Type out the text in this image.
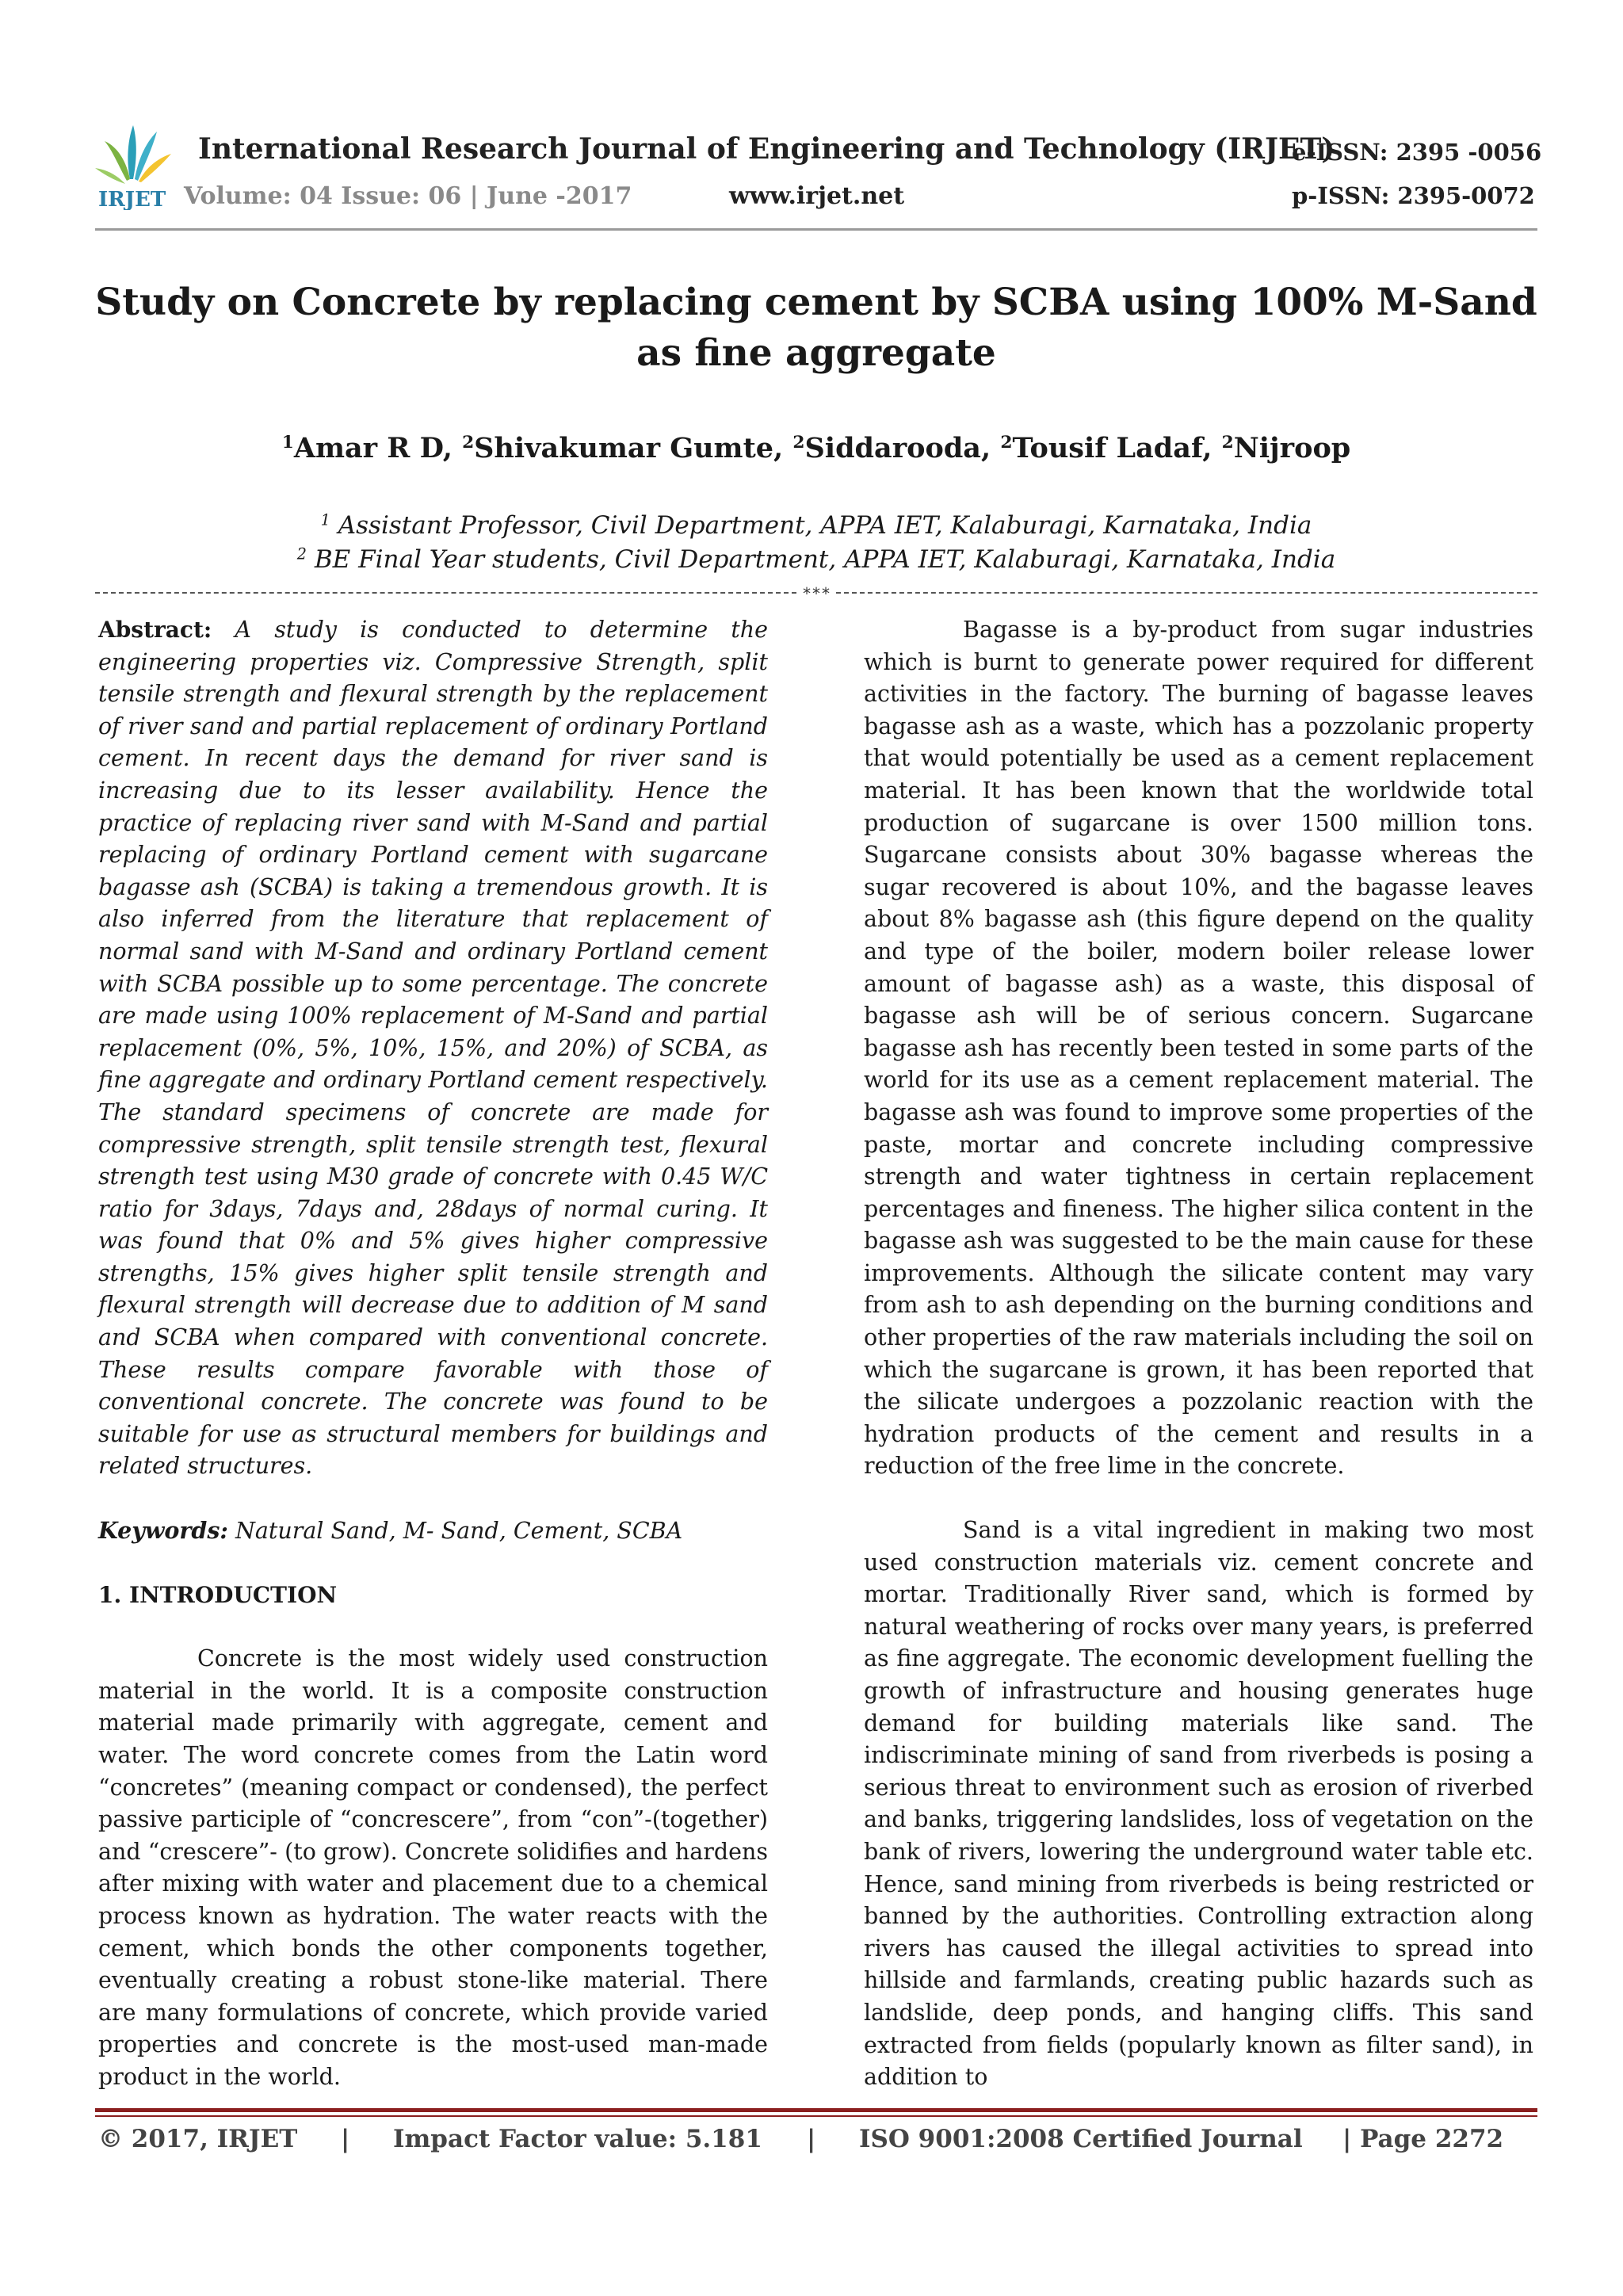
IRJET
International Research Journal of Engineering and Technology (IRJET)
e-ISSN: 2395 -0056
Volume: 04 Issue: 06 | June -2017	www.irjet.net	p-ISSN: 2395-0072
Study on Concrete by replacing cement by SCBA using 100% M-Sand as fine aggregate
$^1$Amar R D, $^2$Shivakumar Gumte, $^2$Siddarooda, $^2$Tousif Ladaf, $^2$Nijroop
$^1$ Assistant Professor, Civil Department, APPA IET, Kalaburagi, Karnataka, India
$^2$ BE Final Year students, Civil Department, APPA IET, Kalaburagi, Karnataka, India
***

Abstract: A study is conducted to determine the engineering properties viz. Compressive Strength, split tensile strength and flexural strength by the replacement of river sand and partial replacement of ordinary Portland cement. In recent days the demand for river sand is increasing due to its lesser availability. Hence the practice of replacing river sand with M-Sand and partial replacing of ordinary Portland cement with sugarcane bagasse ash (SCBA) is taking a tremendous growth. It is also inferred from the literature that replacement of normal sand with M-Sand and ordinary Portland cement with SCBA possible up to some percentage. The concrete are made using 100% replacement of M-Sand and partial replacement (0%, 5%, 10%, 15%, and 20%) of SCBA, as fine aggregate and ordinary Portland cement respectively. The standard specimens of concrete are made for compressive strength, split tensile strength test, flexural strength test using M30 grade of concrete with 0.45 W/C ratio for 3days, 7days and, 28days of normal curing. It was found that 0% and 5% gives higher compressive strengths, 15% gives higher split tensile strength and flexural strength will decrease due to addition of M sand and SCBA when compared with conventional concrete. These results compare favorable with those of conventional concrete. The concrete was found to be suitable for use as structural members for buildings and related structures.

Keywords: Natural Sand, M- Sand, Cement, SCBA

1. INTRODUCTION

Concrete is the most widely used construction material in the world. It is a composite construction material made primarily with aggregate, cement and water. The word concrete comes from the Latin word “concretes” (meaning compact or condensed), the perfect passive participle of “concrescere”, from “con”-(together) and “crescere”- (to grow). Concrete solidifies and hardens after mixing with water and placement due to a chemical process known as hydration. The water reacts with the cement, which bonds the other components together, eventually creating a robust stone-like material. There are many formulations of concrete, which provide varied properties and concrete is the most-used man-made product in the world.

Bagasse is a by-product from sugar industries which is burnt to generate power required for different activities in the factory. The burning of bagasse leaves bagasse ash as a waste, which has a pozzolanic property that would potentially be used as a cement replacement material. It has been known that the worldwide total production of sugarcane is over 1500 million tons. Sugarcane consists about 30% bagasse whereas the sugar recovered is about 10%, and the bagasse leaves about 8% bagasse ash (this figure depend on the quality and type of the boiler, modern boiler release lower amount of bagasse ash) as a waste, this disposal of bagasse ash will be of serious concern. Sugarcane bagasse ash has recently been tested in some parts of the world for its use as a cement replacement material. The bagasse ash was found to improve some properties of the paste, mortar and concrete including compressive strength and water tightness in certain replacement percentages and fineness. The higher silica content in the bagasse ash was suggested to be the main cause for these improvements. Although the silicate content may vary from ash to ash depending on the burning conditions and other properties of the raw materials including the soil on which the sugarcane is grown, it has been reported that the silicate undergoes a pozzolanic reaction with the hydration products of the cement and results in a reduction of the free lime in the concrete.

Sand is a vital ingredient in making two most used construction materials viz. cement concrete and mortar. Traditionally River sand, which is formed by natural weathering of rocks over many years, is preferred as fine aggregate. The economic development fuelling the growth of infrastructure and housing generates huge demand for building materials like sand. The indiscriminate mining of sand from riverbeds is posing a serious threat to environment such as erosion of riverbed and banks, triggering landslides, loss of vegetation on the bank of rivers, lowering the underground water table etc. Hence, sand mining from riverbeds is being restricted or banned by the authorities. Controlling extraction along rivers has caused the illegal activities to spread into hillside and farmlands, creating public hazards such as landslide, deep ponds, and hanging cliffs. This sand extracted from fields (popularly known as filter sand), in addition to

© 2017, IRJET | Impact Factor value: 5.181 | ISO 9001:2008 Certified Journal | Page 2272
